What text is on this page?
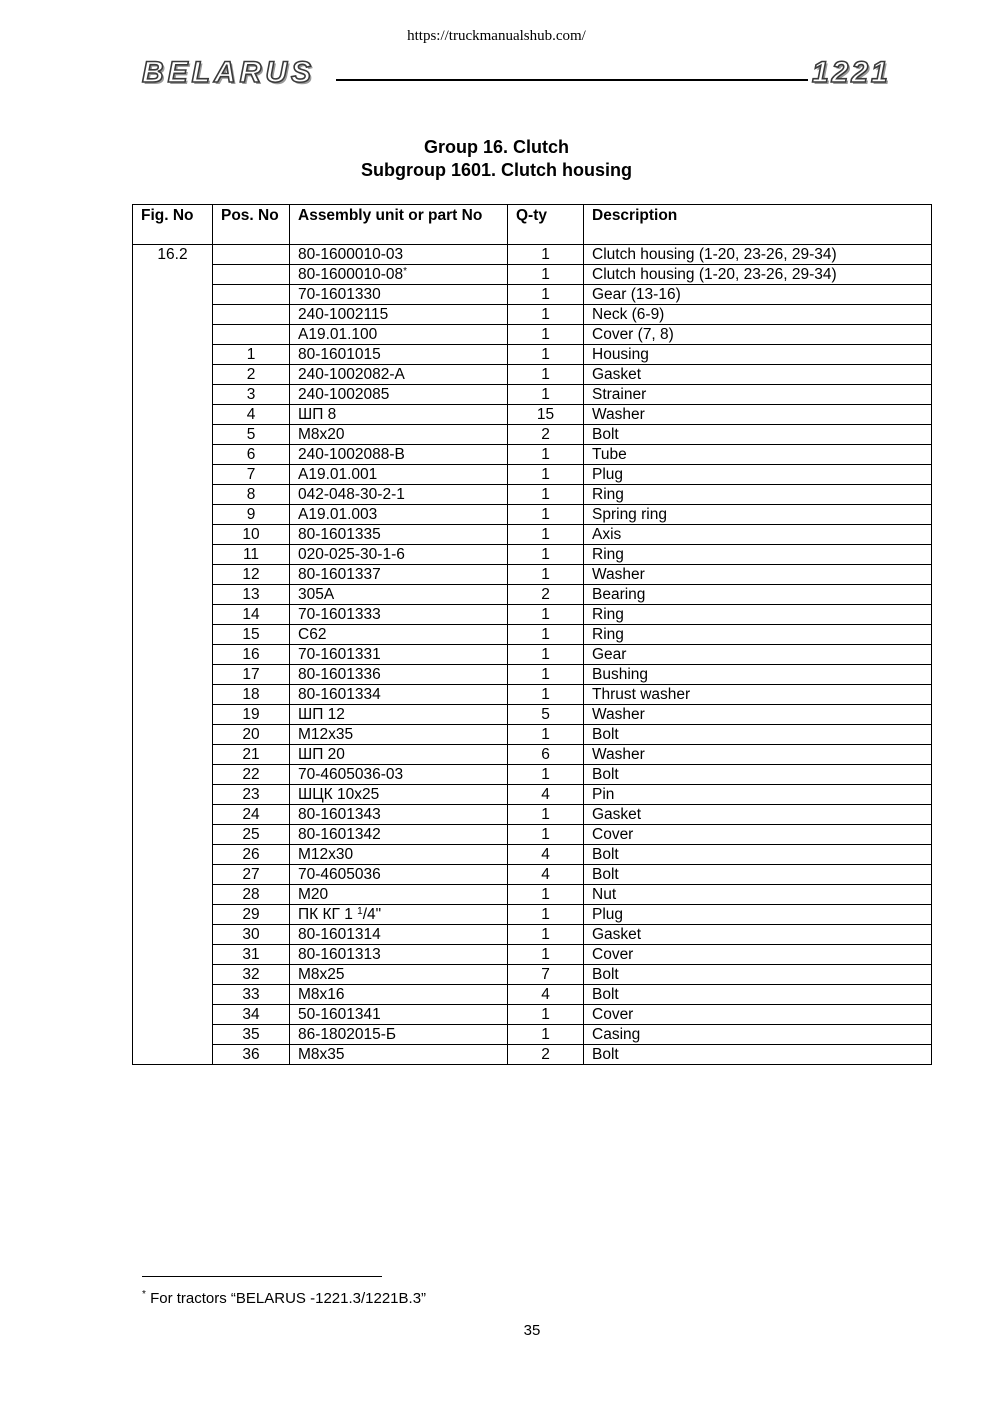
https://truckmanualshub.com/
BELARUS	1221
Group 16. Clutch
Subgroup 1601. Clutch housing
Fig. No	Pos. No	Assembly unit or part No	Q-ty	Description
16.2		80-1600010-03	1	Clutch housing (1-20, 23-26, 29-34)
		80-1600010-08*	1	Clutch housing (1-20, 23-26, 29-34)
		70-1601330	1	Gear (13-16)
		240-1002115	1	Neck (6-9)
		A19.01.100	1	Cover (7, 8)
	1	80-1601015	1	Housing
	2	240-1002082-A	1	Gasket
	3	240-1002085	1	Strainer
	4	ШП 8	15	Washer
	5	M8x20	2	Bolt
	6	240-1002088-B	1	Tube
	7	A19.01.001	1	Plug
	8	042-048-30-2-1	1	Ring
	9	A19.01.003	1	Spring ring
	10	80-1601335	1	Axis
	11	020-025-30-1-6	1	Ring
	12	80-1601337	1	Washer
	13	305A	2	Bearing
	14	70-1601333	1	Ring
	15	C62	1	Ring
	16	70-1601331	1	Gear
	17	80-1601336	1	Bushing
	18	80-1601334	1	Thrust washer
	19	ШП 12	5	Washer
	20	M12x35	1	Bolt
	21	ШП 20	6	Washer
	22	70-4605036-03	1	Bolt
	23	ШЦК 10x25	4	Pin
	24	80-1601343	1	Gasket
	25	80-1601342	1	Cover
	26	M12x30	4	Bolt
	27	70-4605036	4	Bolt
	28	M20	1	Nut
	29	ПК КГ 1 $^1$/4"	1	Plug
	30	80-1601314	1	Gasket
	31	80-1601313	1	Cover
	32	M8x25	7	Bolt
	33	M8x16	4	Bolt
	34	50-1601341	1	Cover
	35	86-1802015-Б	1	Casing
	36	M8x35	2	Bolt
* For tractors “BELARUS -1221.3/1221B.3”
35
